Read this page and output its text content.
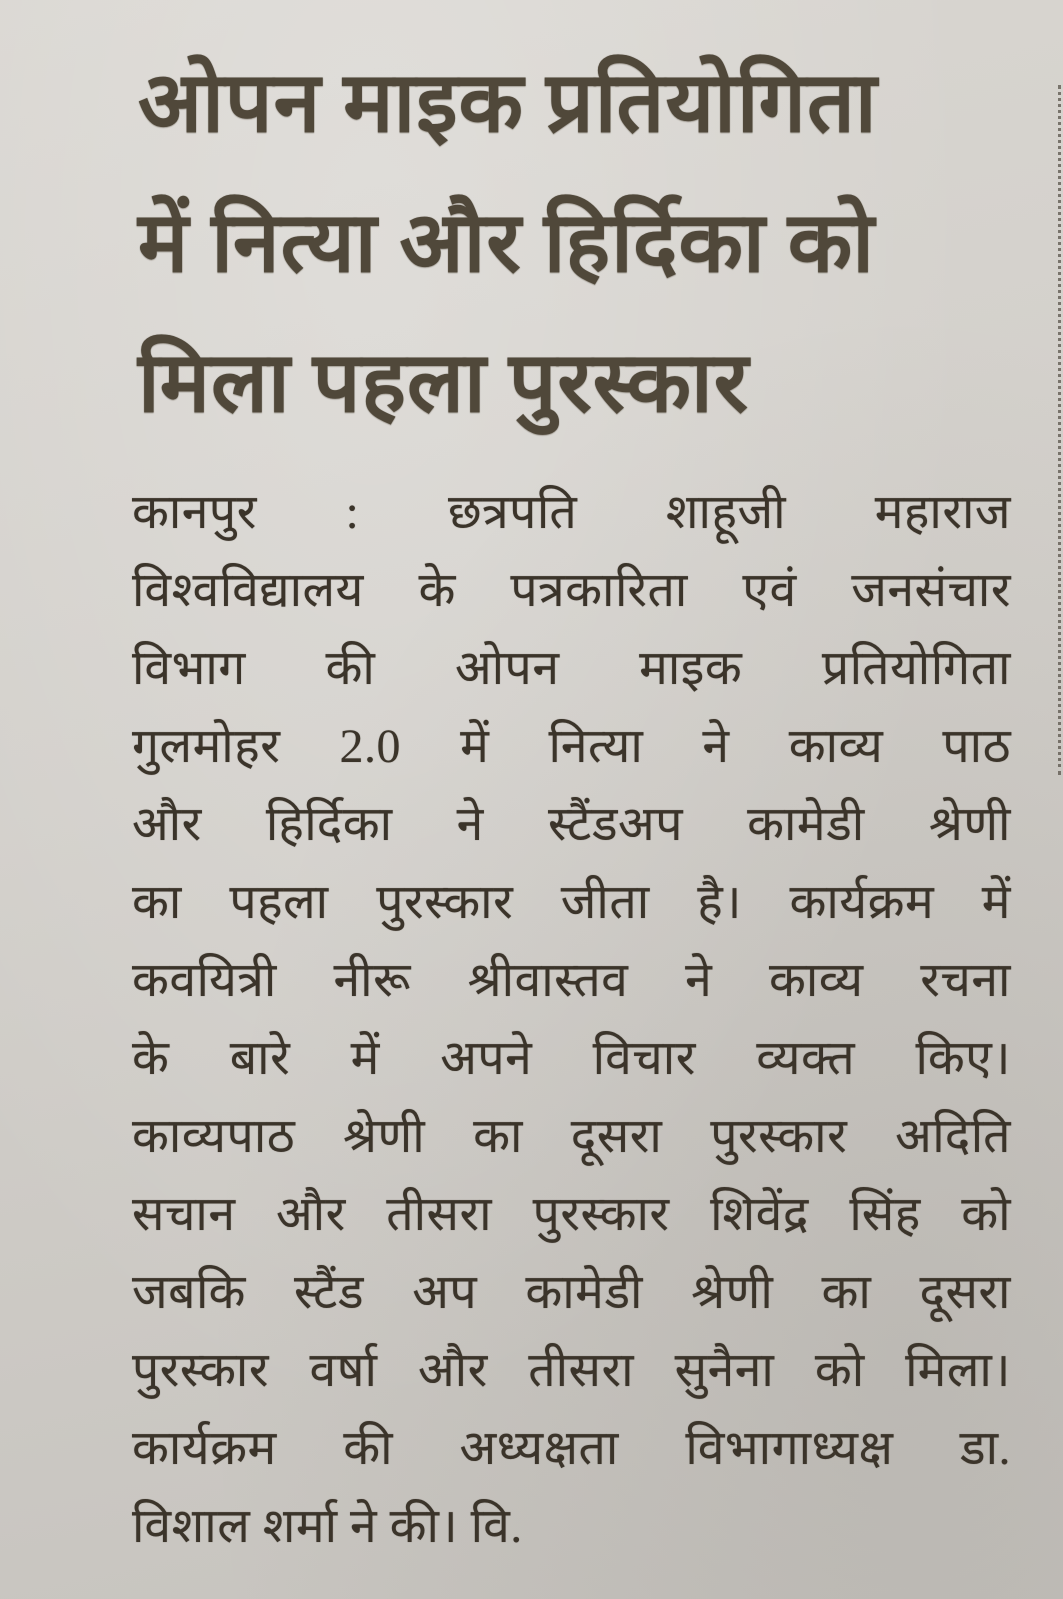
ओपन माइक प्रतियोगिता
में नित्या और हिर्दिका को
मिला पहला पुरस्कार
कानपुर : छत्रपति शाहूजी महाराज
विश्वविद्यालय के पत्रकारिता एवं जनसंचार
विभाग की ओपन माइक प्रतियोगिता
गुलमोहर 2.0 में नित्या ने काव्य पाठ
और हिर्दिका ने स्टैंडअप कामेडी श्रेणी
का पहला पुरस्कार जीता है। कार्यक्रम में
कवयित्री नीरू श्रीवास्तव ने काव्य रचना
के बारे में अपने विचार व्यक्त किए।
काव्यपाठ श्रेणी का दूसरा पुरस्कार अदिति
सचान और तीसरा पुरस्कार शिवेंद्र सिंह को
जबकि स्टैंड अप कामेडी श्रेणी का दूसरा
पुरस्कार वर्षा और तीसरा सुनैना को मिला।
कार्यक्रम की अध्यक्षता विभागाध्यक्ष डा.
विशाल शर्मा ने की। वि.
